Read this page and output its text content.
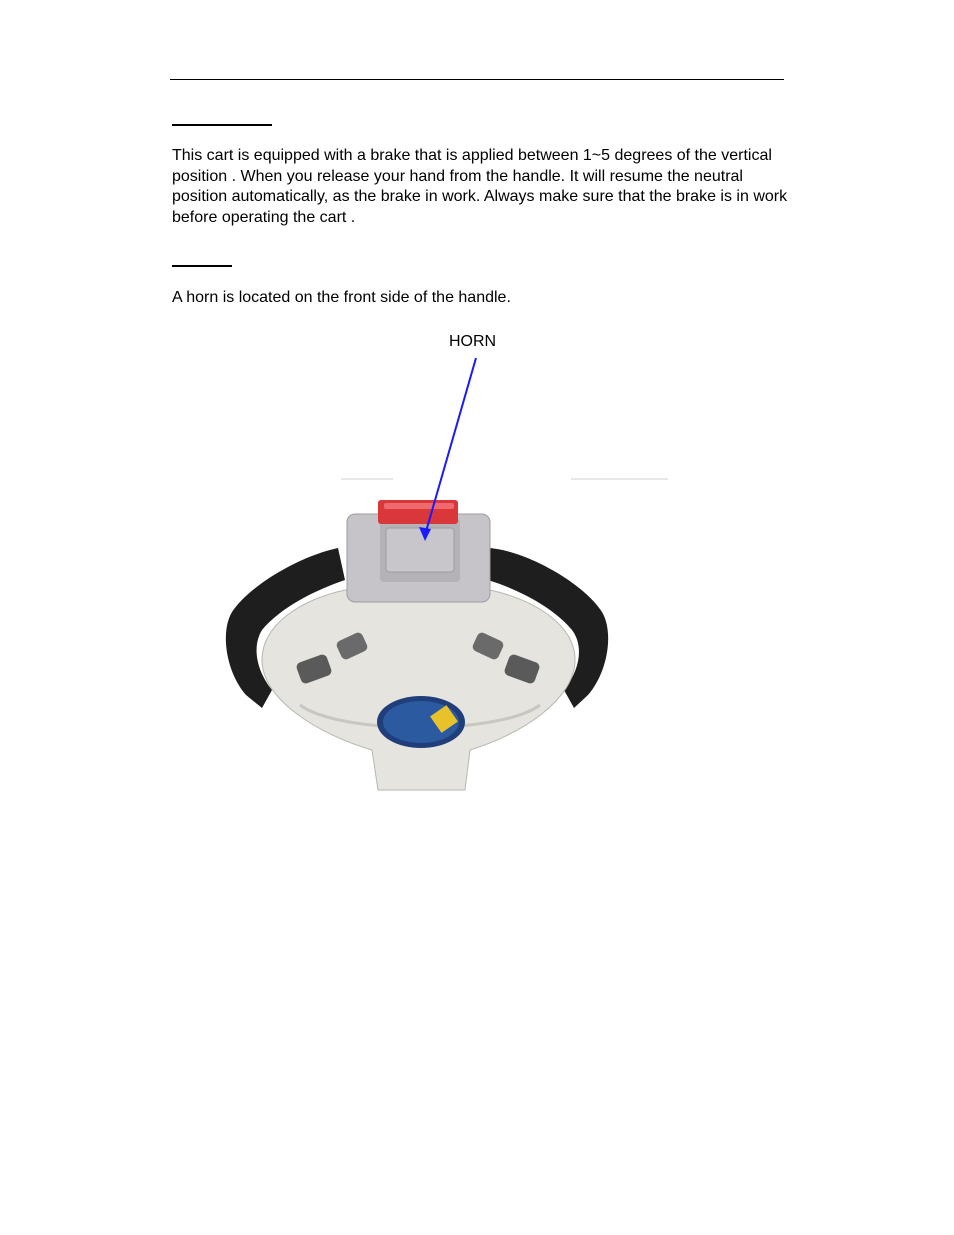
This cart is equipped with a brake that is applied between 1~5 degrees of the vertical position . When you release your hand from the handle. It will resume the neutral position automatically, as the brake in work. Always make sure that the brake is in work before operating the cart .

A horn is located on the front side of the handle.

HORN
